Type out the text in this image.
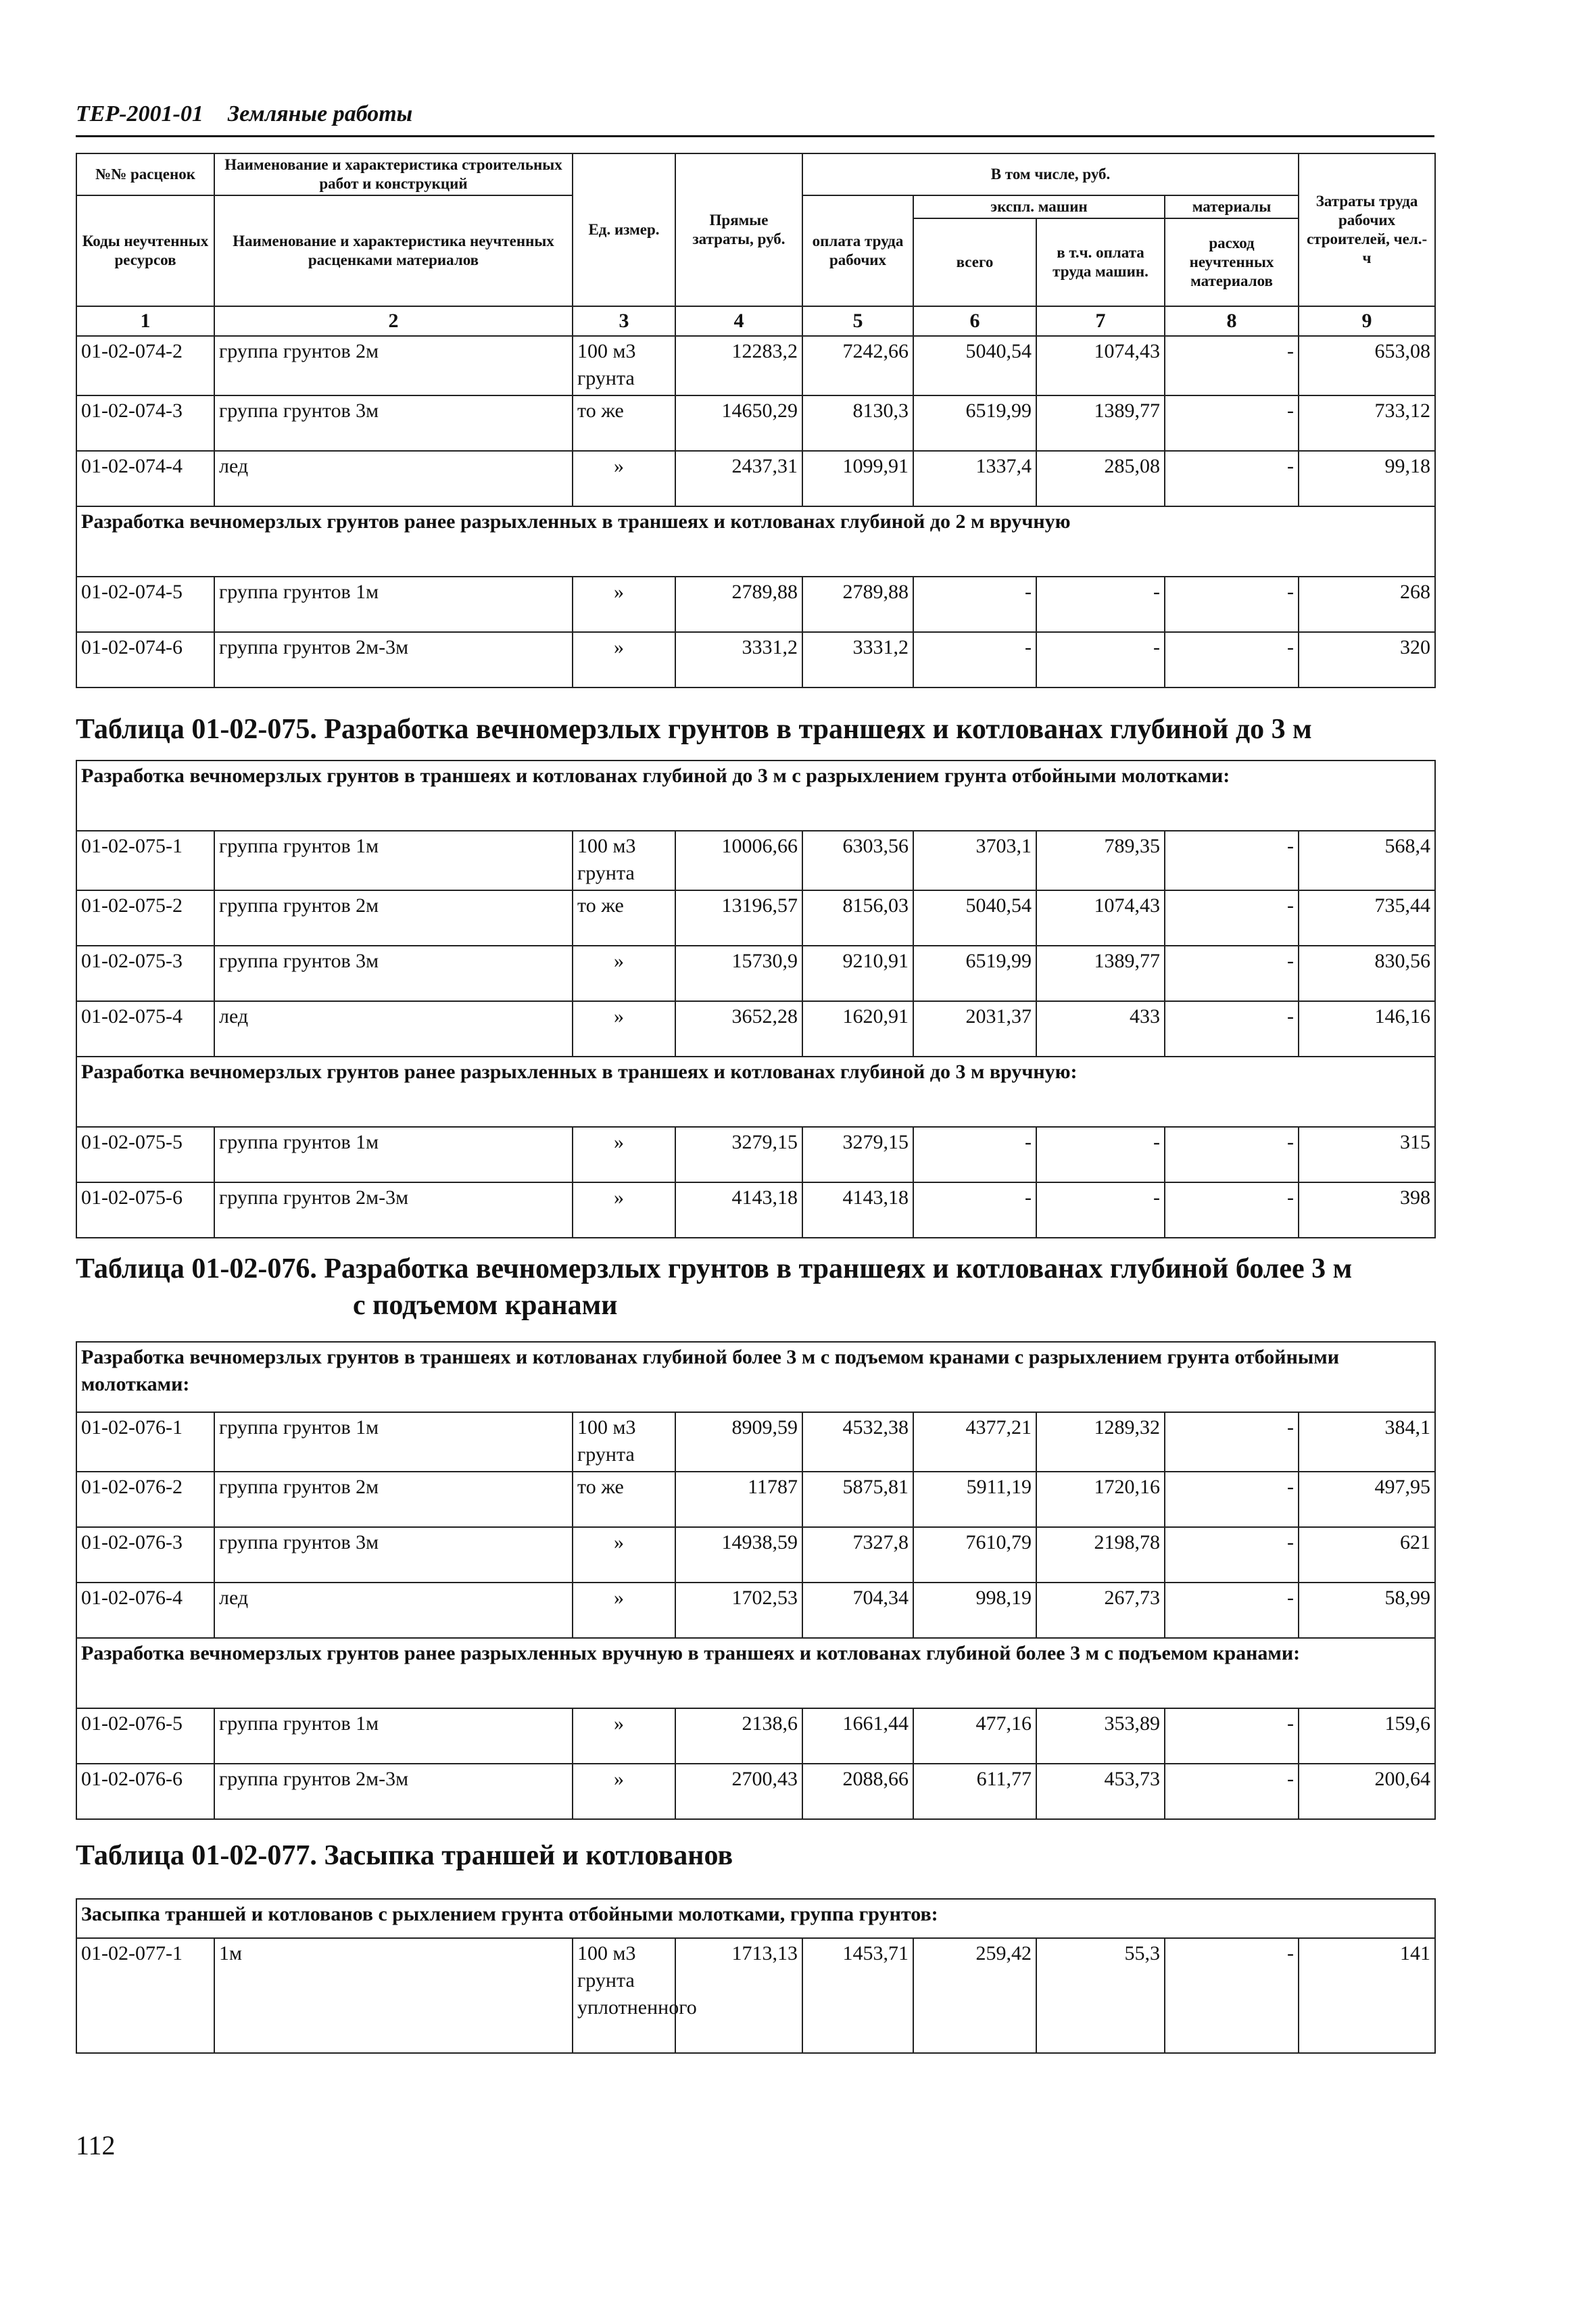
ТЕР-2001-01 Земляные работы
№№ расценок	Наименование и характеристика строительных работ и конструкций	Ед. измер.	Прямые затраты, руб.	В том числе, руб.				Затраты труда рабочих строителей, чел.-ч
Коды неучтенных ресурсов	Наименование и характеристика неучтенных расценками материалов			оплата труда рабочих	экспл. машин		материалы	
					всего	в т.ч. оплата труда машин.	расход неучтенных материалов	
1	2	3	4	5	6	7	8	9
01-02-074-2	группа грунтов 2м	100 м3 грунта	12283,2	7242,66	5040,54	1074,43	-	653,08
01-02-074-3	группа грунтов 3м	то же	14650,29	8130,3	6519,99	1389,77	-	733,12
01-02-074-4	лед	»	2437,31	1099,91	1337,4	285,08	-	99,18
Разработка вечномерзлых грунтов ранее разрыхленных в траншеях и котлованах глубиной до 2 м вручную								
01-02-074-5	группа грунтов 1м	»	2789,88	2789,88	-	-	-	268
01-02-074-6	группа грунтов 2м-3м	»	3331,2	3331,2	-	-	-	320
Таблица 01-02-075. Разработка вечномерзлых грунтов в траншеях и котлованах глубиной до 3 м
Разработка вечномерзлых грунтов в траншеях и котлованах глубиной до 3 м с разрыхлением грунта отбойными молотками:								
01-02-075-1	группа грунтов 1м	100 м3 грунта	10006,66	6303,56	3703,1	789,35	-	568,4
01-02-075-2	группа грунтов 2м	то же	13196,57	8156,03	5040,54	1074,43	-	735,44
01-02-075-3	группа грунтов 3м	»	15730,9	9210,91	6519,99	1389,77	-	830,56
01-02-075-4	лед	»	3652,28	1620,91	2031,37	433	-	146,16
Разработка вечномерзлых грунтов ранее разрыхленных в траншеях и котлованах глубиной до 3 м вручную:								
01-02-075-5	группа грунтов 1м	»	3279,15	3279,15	-	-	-	315
01-02-075-6	группа грунтов 2м-3м	»	4143,18	4143,18	-	-	-	398
Таблица 01-02-076. Разработка вечномерзлых грунтов в траншеях и котлованах глубиной более 3 м
с подъемом кранами
Разработка вечномерзлых грунтов в траншеях и котлованах глубиной более 3 м с подъемом кранами с разрыхлением грунта отбойными молотками:								
01-02-076-1	группа грунтов 1м	100 м3 грунта	8909,59	4532,38	4377,21	1289,32	-	384,1
01-02-076-2	группа грунтов 2м	то же	11787	5875,81	5911,19	1720,16	-	497,95
01-02-076-3	группа грунтов 3м	»	14938,59	7327,8	7610,79	2198,78	-	621
01-02-076-4	лед	»	1702,53	704,34	998,19	267,73	-	58,99
Разработка вечномерзлых грунтов ранее разрыхленных вручную в траншеях и котлованах глубиной более 3 м с подъемом кранами:								
01-02-076-5	группа грунтов 1м	»	2138,6	1661,44	477,16	353,89	-	159,6
01-02-076-6	группа грунтов 2м-3м	»	2700,43	2088,66	611,77	453,73	-	200,64
Таблица 01-02-077. Засыпка траншей и котлованов
Засыпка траншей и котлованов с рыхлением грунта отбойными молотками, группа грунтов:
01-02-077-1	1м	100 м3 грунта уплотненного	1713,13	1453,71	259,42	55,3	-	141
112
